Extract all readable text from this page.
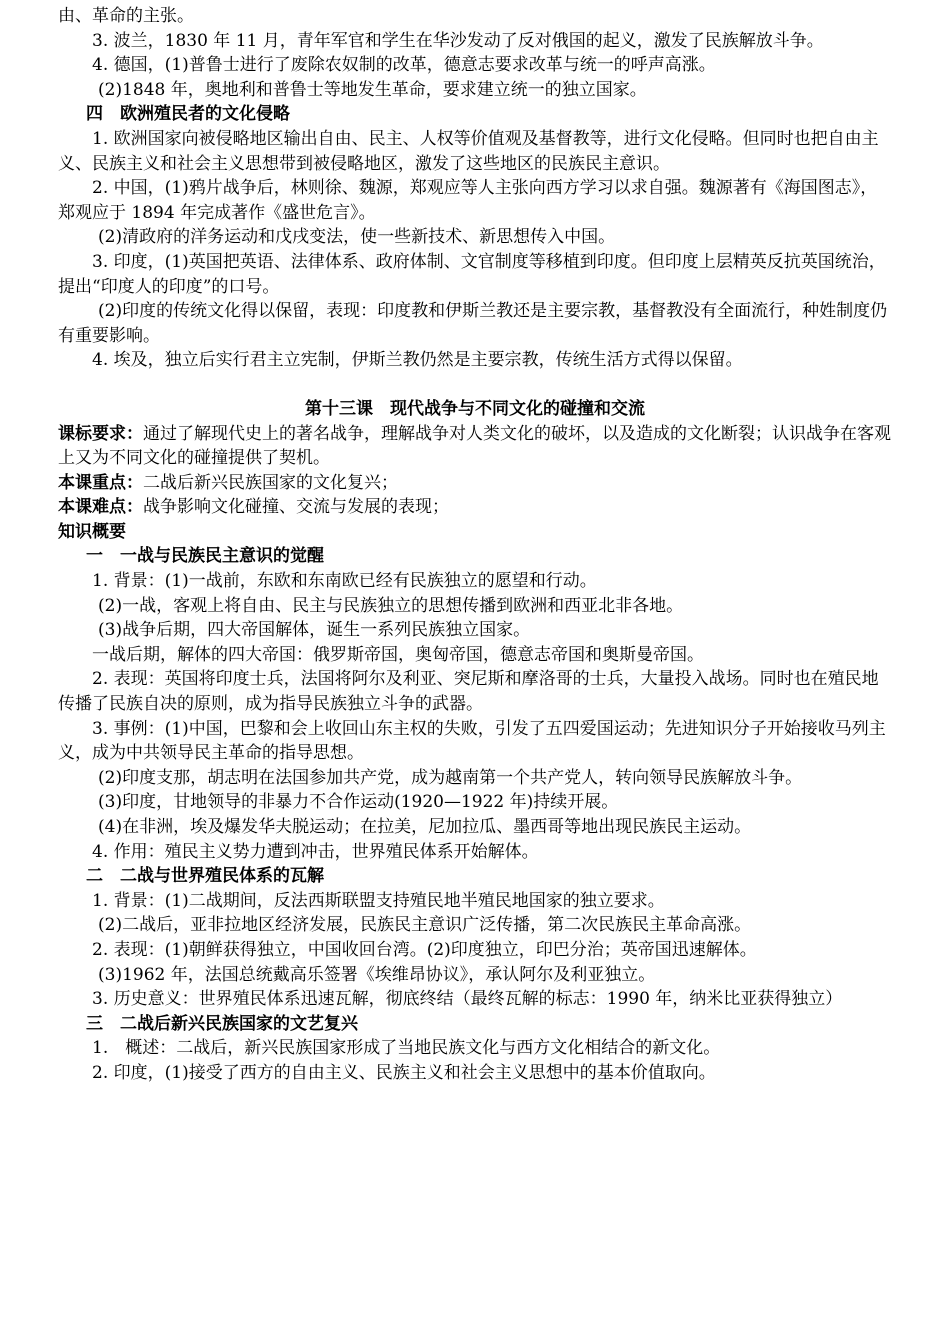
由、革命的主张。

3. 波兰，1830 年 11 月，青年军官和学生在华沙发动了反对俄国的起义，激发了民族解放斗争。

4. 德国，(1)普鲁士进行了废除农奴制的改革，德意志要求改革与统一的呼声高涨。

(2)1848 年，奥地利和普鲁士等地发生革命，要求建立统一的独立国家。

四　欧洲殖民者的文化侵略

1. 欧洲国家向被侵略地区输出自由、民主、人权等价值观及基督教等，进行文化侵略。但同时也把自由主义、民族主义和社会主义思想带到被侵略地区，激发了这些地区的民族民主意识。

2. 中国，(1)鸦片战争后，林则徐、魏源，郑观应等人主张向西方学习以求自强。魏源著有《海国图志》，郑观应于 1894 年完成著作《盛世危言》。

(2)清政府的洋务运动和戊戌变法，使一些新技术、新思想传入中国。

3. 印度，(1)英国把英语、法律体系、政府体制、文官制度等移植到印度。但印度上层精英反抗英国统治，提出“印度人的印度”的口号。

(2)印度的传统文化得以保留，表现：印度教和伊斯兰教还是主要宗教，基督教没有全面流行，种姓制度仍有重要影响。

4. 埃及，独立后实行君主立宪制，伊斯兰教仍然是主要宗教，传统生活方式得以保留。

第十三课　现代战争与不同文化的碰撞和交流

课标要求：通过了解现代史上的著名战争，理解战争对人类文化的破坏，以及造成的文化断裂；认识战争在客观上又为不同文化的碰撞提供了契机。

本课重点：二战后新兴民族国家的文化复兴；

本课难点：战争影响文化碰撞、交流与发展的表现；

知识概要

一　一战与民族民主意识的觉醒

1. 背景：(1)一战前，东欧和东南欧已经有民族独立的愿望和行动。

(2)一战，客观上将自由、民主与民族独立的思想传播到欧洲和西亚北非各地。

(3)战争后期，四大帝国解体，诞生一系列民族独立国家。

一战后期，解体的四大帝国：俄罗斯帝国，奥匈帝国，德意志帝国和奥斯曼帝国。

2. 表现：英国将印度士兵，法国将阿尔及利亚、突尼斯和摩洛哥的士兵，大量投入战场。同时也在殖民地传播了民族自决的原则，成为指导民族独立斗争的武器。

3. 事例：(1)中国，巴黎和会上收回山东主权的失败，引发了五四爱国运动；先进知识分子开始接收马列主义，成为中共领导民主革命的指导思想。

(2)印度支那，胡志明在法国参加共产党，成为越南第一个共产党人，转向领导民族解放斗争。

(3)印度，甘地领导的非暴力不合作运动(1920—1922 年)持续开展。

(4)在非洲，埃及爆发华夫脱运动；在拉美，尼加拉瓜、墨西哥等地出现民族民主运动。

4. 作用：殖民主义势力遭到冲击，世界殖民体系开始解体。

二　二战与世界殖民体系的瓦解

1. 背景：(1)二战期间，反法西斯联盟支持殖民地半殖民地国家的独立要求。

(2)二战后，亚非拉地区经济发展，民族民主意识广泛传播，第二次民族民主革命高涨。

2. 表现：(1)朝鲜获得独立，中国收回台湾。(2)印度独立，印巴分治；英帝国迅速解体。

(3)1962 年，法国总统戴高乐签署《埃维昂协议》，承认阿尔及利亚独立。

3. 历史意义：世界殖民体系迅速瓦解，彻底终结（最终瓦解的标志：1990 年，纳米比亚获得独立）

三　二战后新兴民族国家的文艺复兴

1.　概述：二战后，新兴民族国家形成了当地民族文化与西方文化相结合的新文化。

2. 印度，(1)接受了西方的自由主义、民族主义和社会主义思想中的基本价值取向。
